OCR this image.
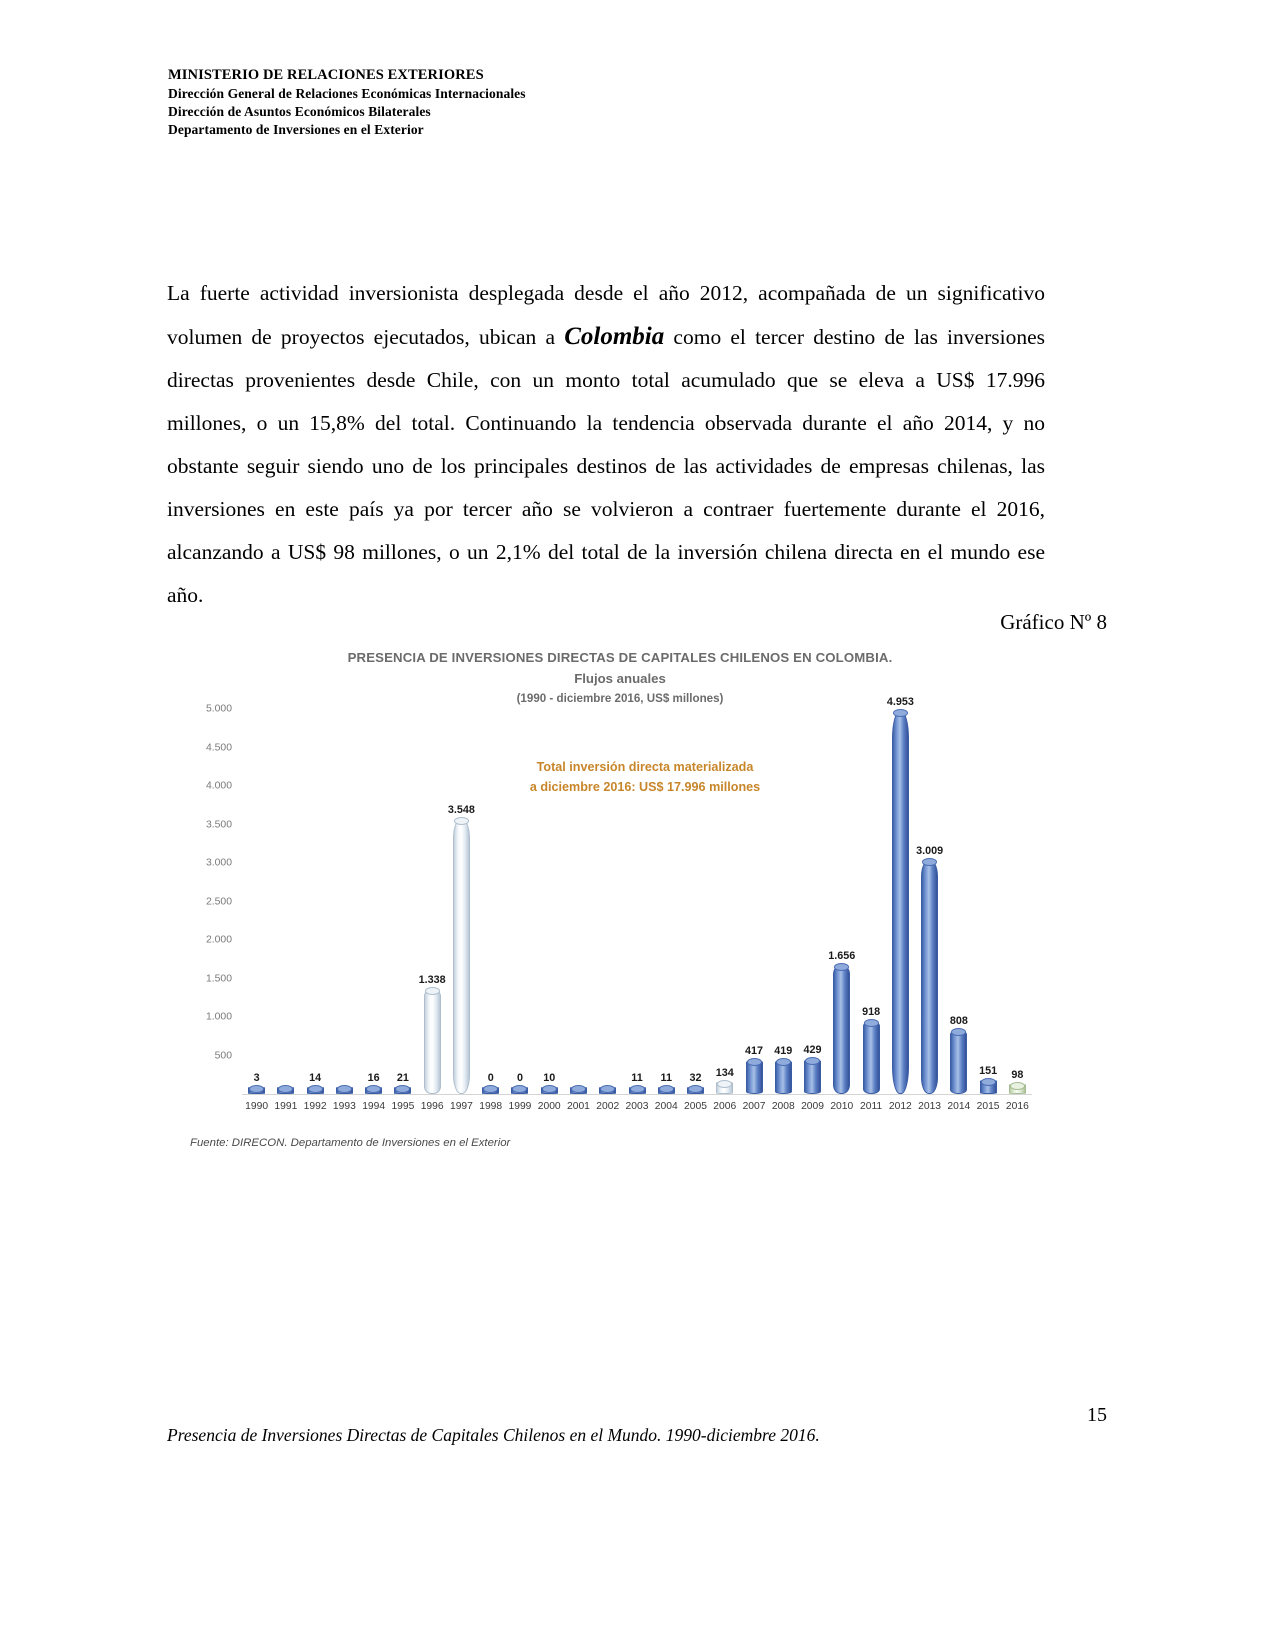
MINISTERIO DE RELACIONES EXTERIORES
Dirección General de Relaciones Económicas Internacionales
Dirección de Asuntos Económicos Bilaterales
Departamento de Inversiones en el Exterior

La fuerte actividad inversionista desplegada desde el año 2012, acompañada de un significativo volumen de proyectos ejecutados, ubican a Colombia como el tercer destino de las inversiones directas provenientes desde Chile, con un monto total acumulado que se eleva a US$ 17.996 millones, o un 15,8% del total. Continuando la tendencia observada durante el año 2014, y no obstante seguir siendo uno de los principales destinos de las actividades de empresas chilenas, las inversiones en este país ya por tercer año se volvieron a contraer fuertemente durante el 2016, alcanzando a US$ 98 millones, o un 2,1% del total de la inversión chilena directa en el mundo ese año.

Gráfico Nº 8
PRESENCIA DE INVERSIONES DIRECTAS DE CAPITALES CHILENOS EN COLOMBIA.
Flujos anuales
(1990 - diciembre 2016, US$ millones)
5.000
4.500
4.000
3.500
3.000
2.500
2.000
1.500
1.000
500
Total inversión directa materializada
a diciembre 2016: US$ 17.996 millones
3	14	16 21
1.338
3.548
0 0 10	11 11 32 134
417 419 429
1.656
918
4.953
3.009
808
151 98
1990 1991 1992 1993 1994 1995 1996 1997 1998 1999 2000 2001 2002 2003 2004 2005 2006 2007 2008 2009 2010 2011 2012 2013 2014 2015 2016
Fuente: DIRECON. Departamento de Inversiones en el Exterior
15
Presencia de Inversiones Directas de Capitales Chilenos en el Mundo. 1990-diciembre 2016.
